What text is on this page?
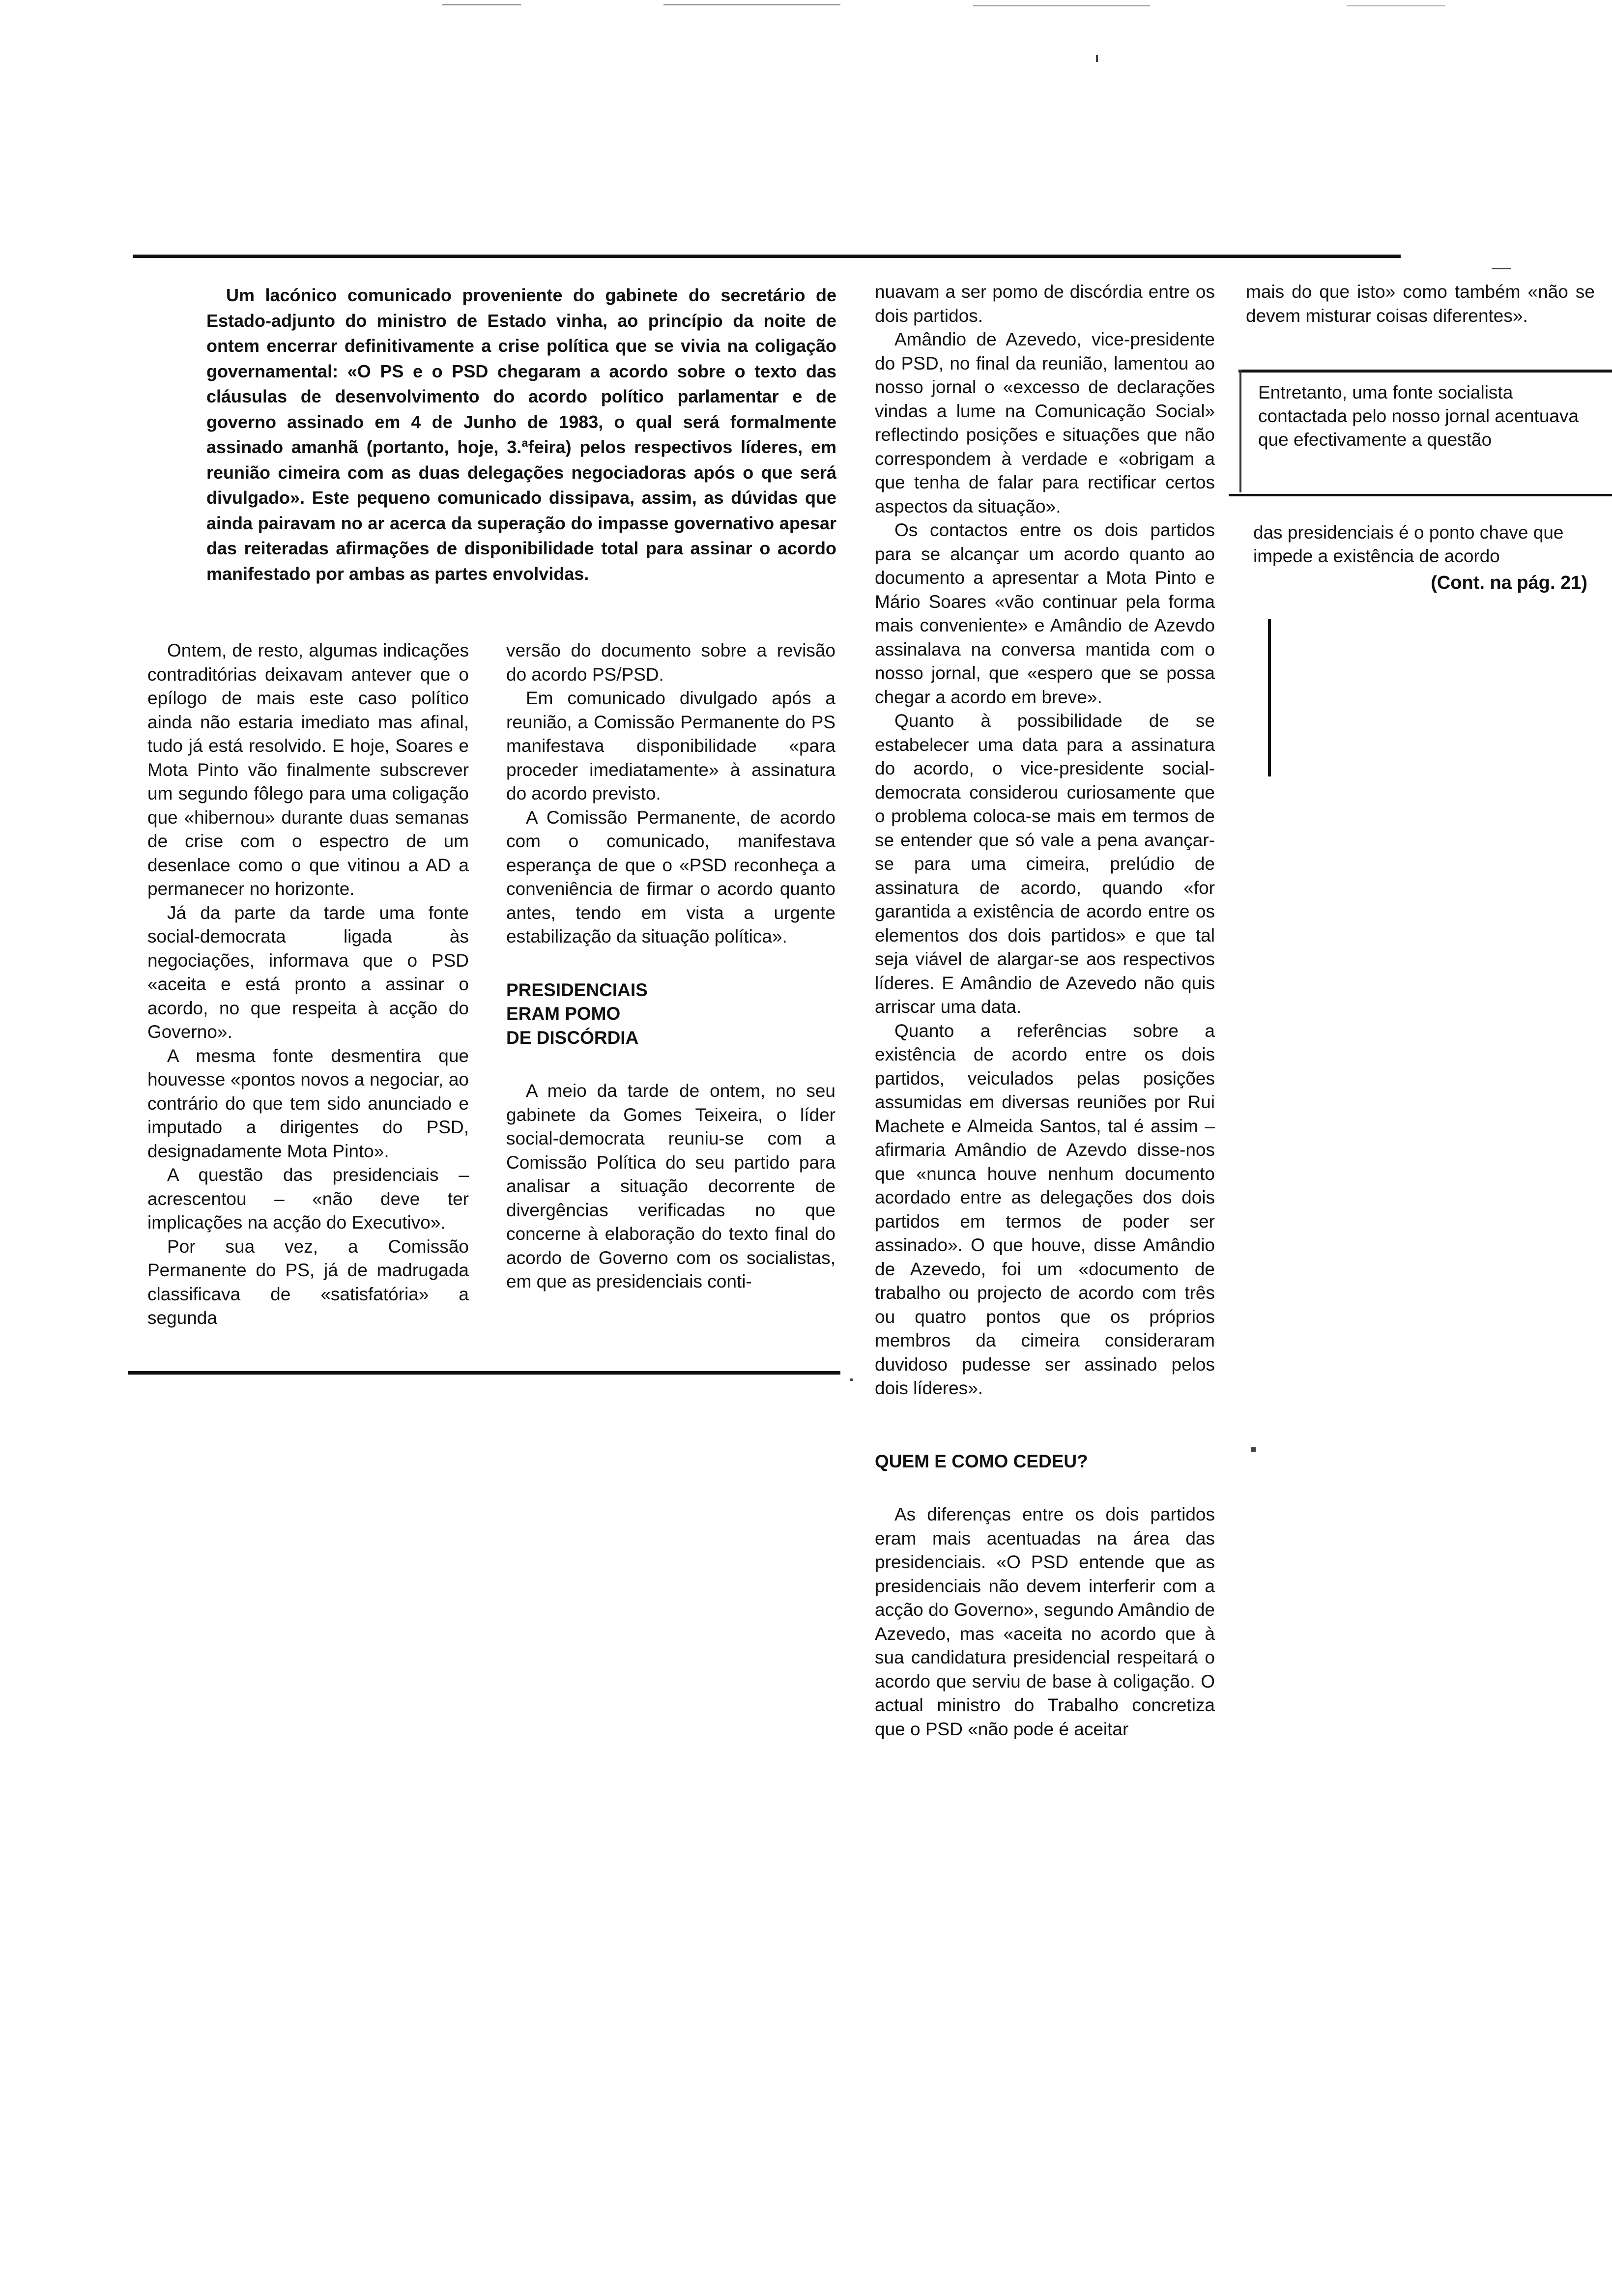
Um lacónico comunicado proveniente do gabinete do secretário de Estado-adjunto do ministro de Estado vinha, ao princípio da noite de ontem encerrar definitivamente a crise política que se vivia na coligação governamental: «O PS e o PSD chegaram a acordo sobre o texto das cláusulas de desenvolvimento do acordo político parlamentar e de governo assinado em 4 de Junho de 1983, o qual será formalmente assinado amanhã (portanto, hoje, 3.ªfeira) pelos respectivos líderes, em reunião cimeira com as duas delegações negociadoras após o que será divulgado». Este pequeno comunicado dissipava, assim, as dúvidas que ainda pairavam no ar acerca da superação do impasse governativo apesar das reiteradas afirmações de disponibilidade total para assinar o acordo manifestado por ambas as partes envolvidas.

Ontem, de resto, algumas indicações contraditórias deixavam antever que o epílogo de mais este caso político ainda não estaria imediato mas afinal, tudo já está resolvido. E hoje, Soares e Mota Pinto vão finalmente subscrever um segundo fôlego para uma coligação que «hibernou» durante duas semanas de crise com o espectro de um desenlace como o que vitinou a AD a permanecer no horizonte.

Já da parte da tarde uma fonte social-democrata ligada às negociações, informava que o PSD «aceita e está pronto a assinar o acordo, no que respeita à acção do Governo».

A mesma fonte desmentira que houvesse «pontos novos a negociar, ao contrário do que tem sido anunciado e imputado a dirigentes do PSD, designadamente Mota Pinto».

A questão das presidenciais – acrescentou – «não deve ter implicações na acção do Executivo».

Por sua vez, a Comissão Permanente do PS, já de madrugada classificava de «satisfatória» a segunda

versão do documento sobre a revisão do acordo PS/PSD.

Em comunicado divulgado após a reunião, a Comissão Permanente do PS manifestava disponibilidade «para proceder imediatamente» à assinatura do acordo previsto.

A Comissão Permanente, de acordo com o comunicado, manifestava esperança de que o «PSD reconheça a conveniência de firmar o acordo quanto antes, tendo em vista a urgente estabilização da situação política».

PRESIDENCIAIS

ERAM POMO

DE DISCÓRDIA

A meio da tarde de ontem, no seu gabinete da Gomes Teixeira, o líder social-democrata reuniu-se com a Comissão Política do seu partido para analisar a situação decorrente de divergências verificadas no que concerne à elaboração do texto final do acordo de Governo com os socialistas, em que as presidenciais conti-

nuavam a ser pomo de discórdia entre os dois partidos.

Amândio de Azevedo, vice-presidente do PSD, no final da reunião, lamentou ao nosso jornal o «excesso de declarações vindas a lume na Comunicação Social» reflectindo posições e situações que não correspondem à verdade e «obrigam a que tenha de falar para rectificar certos aspectos da situação».

Os contactos entre os dois partidos para se alcançar um acordo quanto ao documento a apresentar a Mota Pinto e Mário Soares «vão continuar pela forma mais conveniente» e Amândio de Azevdo assinalava na conversa mantida com o nosso jornal, que «espero que se possa chegar a acordo em breve».

Quanto à possibilidade de se estabelecer uma data para a assinatura do acordo, o vice-presidente social-democrata considerou curiosamente que o problema coloca-se mais em termos de se entender que só vale a pena avançar-se para uma cimeira, prelúdio de assinatura de acordo, quando «for garantida a existência de acordo entre os elementos dos dois partidos» e que tal seja viável de alargar-se aos respectivos líderes. E Amândio de Azevedo não quis arriscar uma data.

Quanto a referências sobre a existência de acordo entre os dois partidos, veiculados pelas posições assumidas em diversas reuniões por Rui Machete e Almeida Santos, tal é assim – afirmaria Amândio de Azevdo disse-nos que «nunca houve nenhum documento acordado entre as delegações dos dois partidos em termos de poder ser assinado». O que houve, disse Amândio de Azevedo, foi um «documento de trabalho ou projecto de acordo com três ou quatro pontos que os próprios membros da cimeira consideraram duvidoso pudesse ser assinado pelos dois líderes».

QUEM E COMO CEDEU?

As diferenças entre os dois partidos eram mais acentuadas na área das presidenciais. «O PSD entende que as presidenciais não devem interferir com a acção do Governo», segundo Amândio de Azevedo, mas «aceita no acordo que à sua candidatura presidencial respeitará o acordo que serviu de base à coligação. O actual ministro do Trabalho concretiza que o PSD «não pode é aceitar

mais do que isto» como também «não se devem misturar coisas diferentes».

Entretanto, uma fonte socialista contactada pelo nosso jornal acentuava que efectivamente a questão
das presidenciais é o ponto chave que impede a existência de acordo
(Cont. na pág. 21)
